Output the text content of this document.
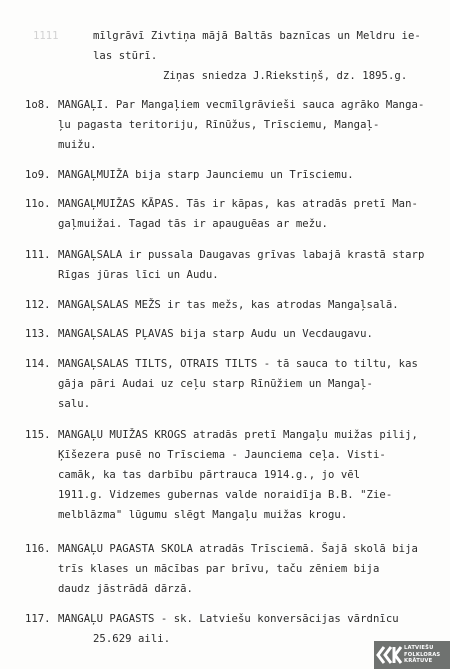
1111	mīlgrāvī Zivtiņa mājā Baltās baznīcas un Meldru ie-
las stūrī.
Ziņas sniedza J.Riekstiņš, dz. 1895.g.
1o8. MANGAĻI. Par Mangaļiem vecmīlgrāvieši sauca agrāko Manga-
ļu pagasta teritoriju, Rīnūžus, Trīsciemu, Mangaļ-
muižu.
1o9. MANGAĻMUIŽA bija starp Jaunciemu un Trīsciemu.
11o. MANGAĻMUIŽAS KĀPAS. Tās ir kāpas, kas atradās pretī Man-
gaļmuižai. Tagad tās ir apauguēas ar mežu.
111. MANGAĻSALA ir pussala Daugavas grīvas labajā krastā starp
Rīgas jūras līci un Audu.
112. MANGAĻSALAS MEŽS ir tas mežs, kas atrodas Mangaļsalā.
113. MANGAĻSALAS PĻAVAS bija starp Audu un Vecdaugavu.
114. MANGAĻSALAS TILTS, OTRAIS TILTS - tā sauca to tiltu, kas
gāja pāri Audai uz ceļu starp Rīnūžiem un Mangaļ-
salu.
115. MANGAĻU MUIŽAS KROGS atradās pretī Mangaļu muižas pilij,
Ķīšezera pusē no Trīsciema - Jaunciema ceļa. Visti-
camāk, ka tas darbību pārtrauca 1914.g., jo vēl
1911.g. Vidzemes gubernas valde noraidīja B.B. "Zie-
melblāzma" lūgumu slēgt Mangaļu muižas krogu.
116. MANGAĻU PAGASTA SKOLA atradās Trīsciemā. Šajā skolā bija
trīs klases un mācības par brīvu, taču zēniem bija
daudz jāstrādā dārzā.
117. MANGAĻU PAGASTS - sk. Latviešu konversācijas vārdnīcu
25.629 aili.
LATVIEŠU
FOLKLORAS
KRĀTUVE
